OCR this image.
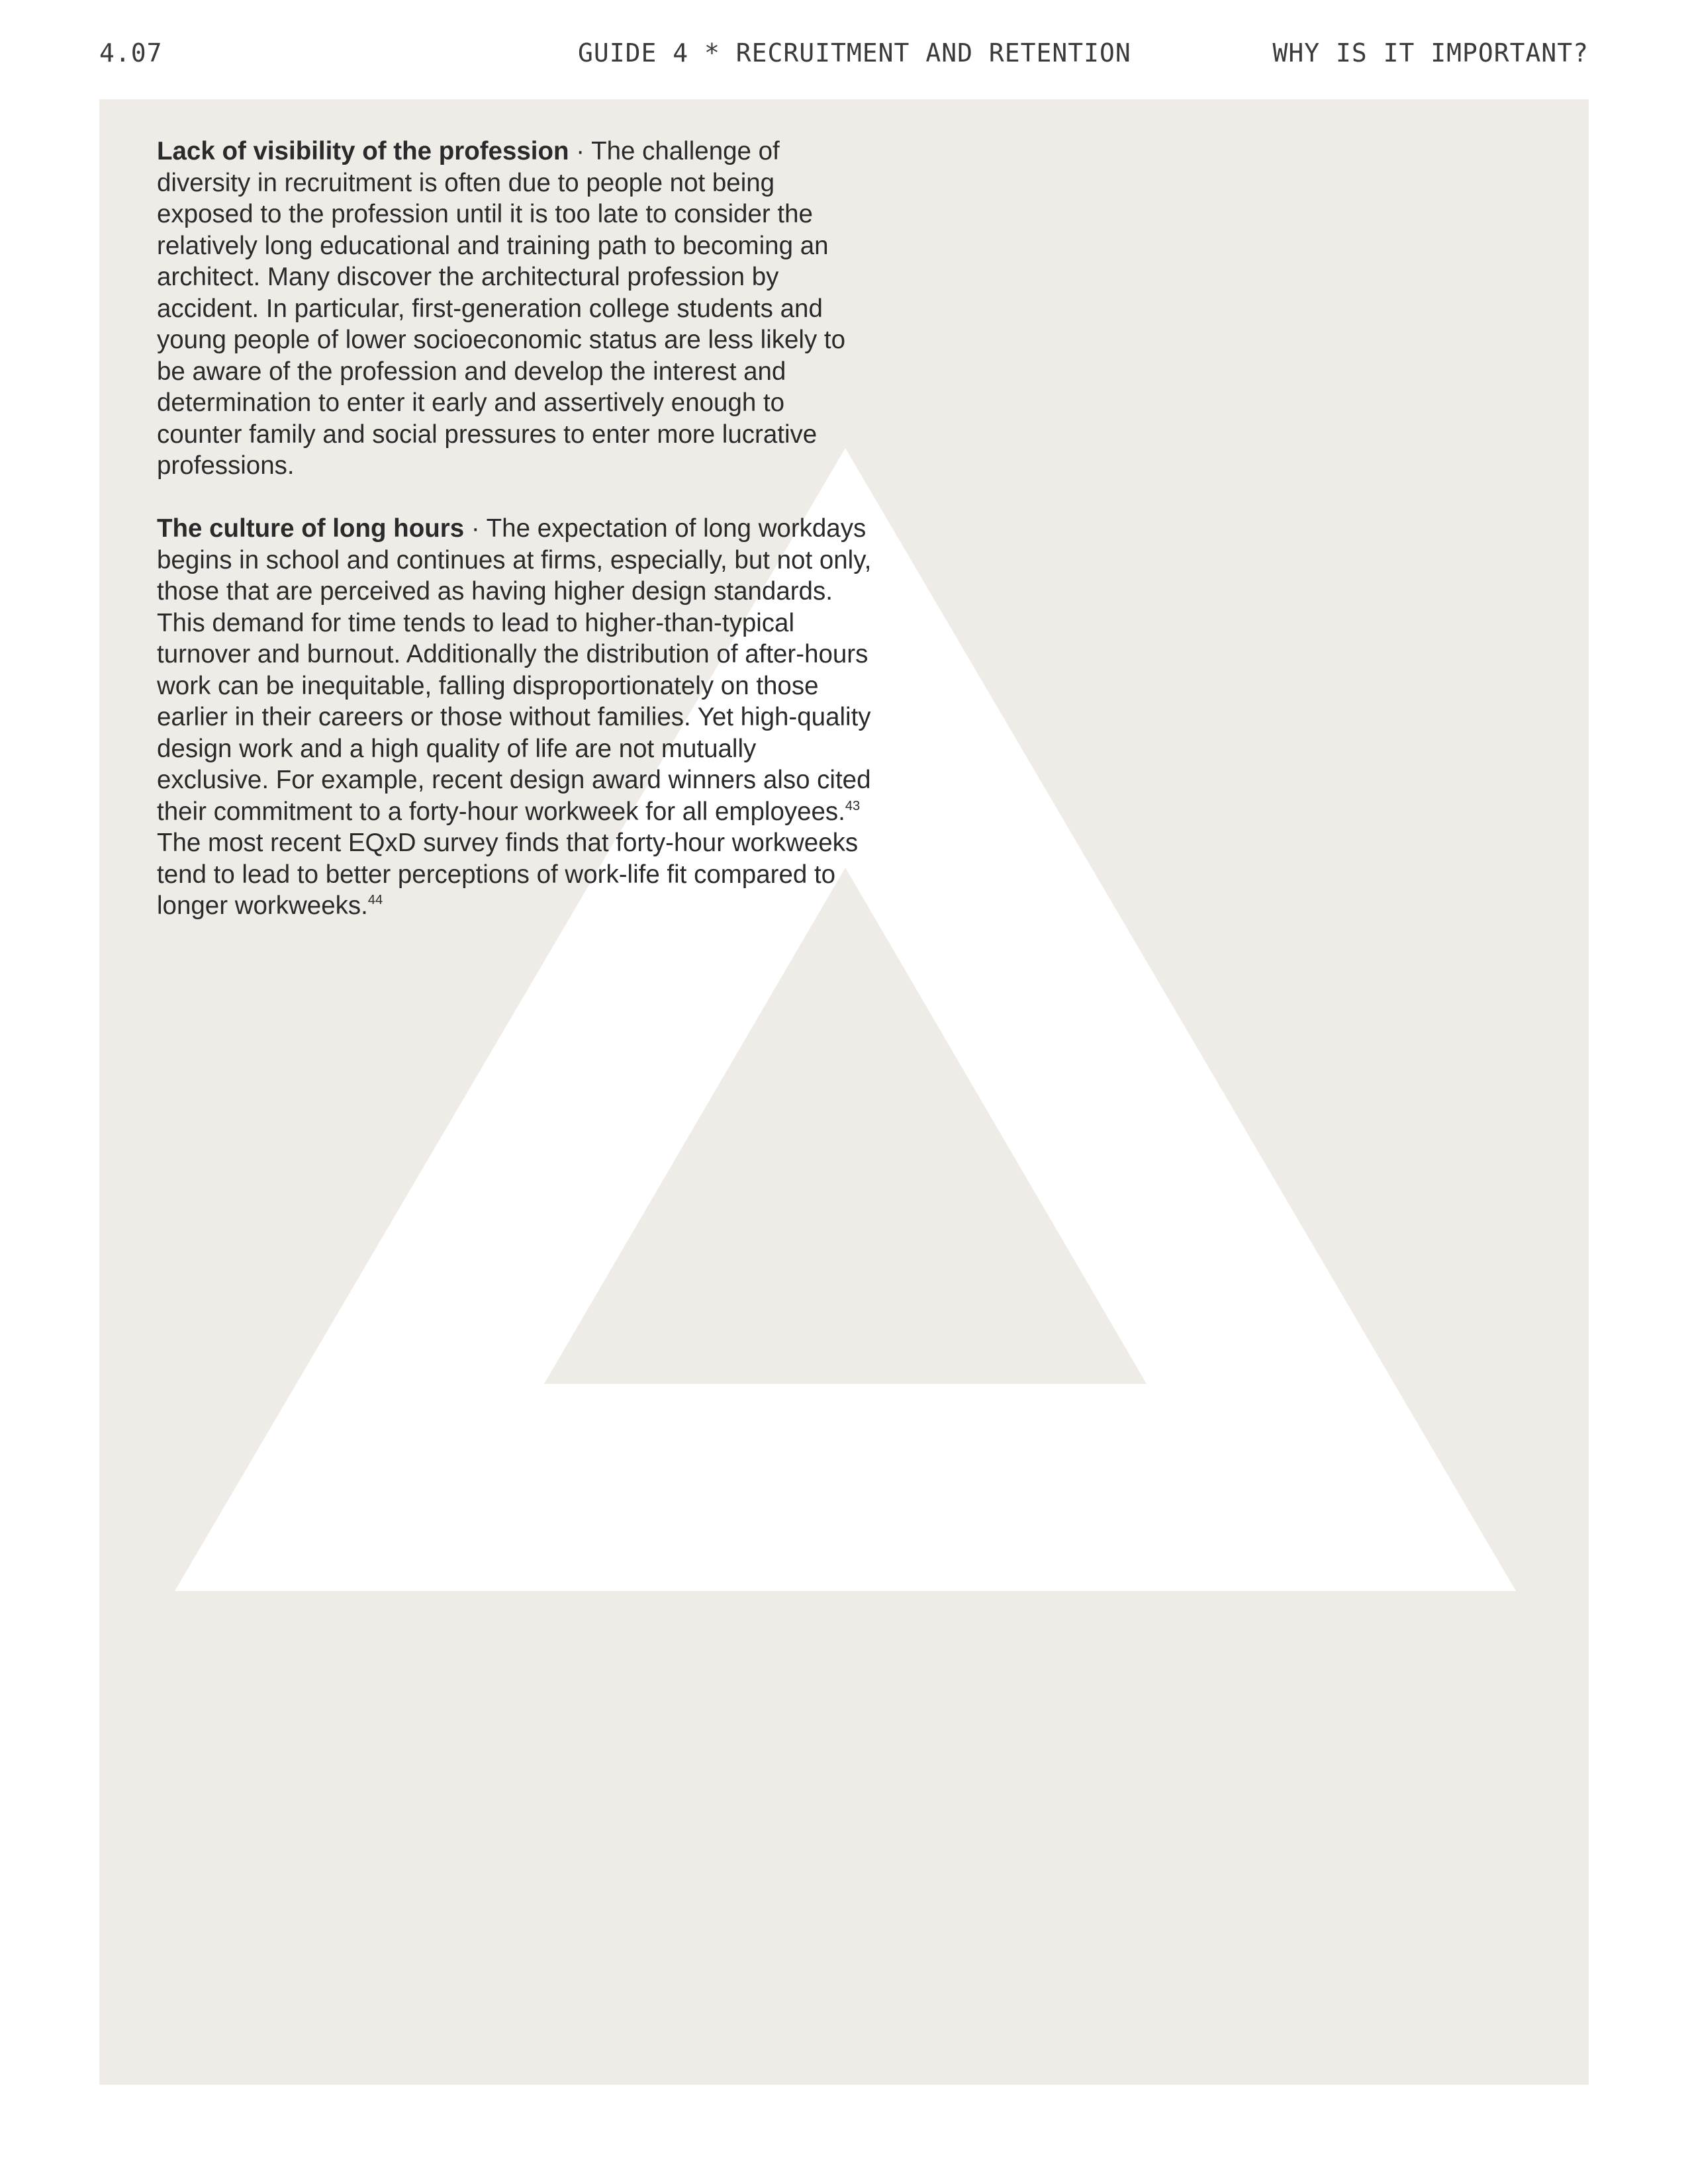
4.07	GUIDE 4 * RECRUITMENT AND RETENTION	WHY IS IT IMPORTANT?

Lack of visibility of the profession · The challenge of diversity in recruitment is often due to people not being exposed to the profession until it is too late to consider the relatively long educational and training path to becoming an architect. Many discover the architectural profession by accident. In particular, first-generation college students and young people of lower socioeconomic status are less likely to be aware of the profession and develop the interest and determination to enter it early and assertively enough to counter family and social pressures to enter more lucrative professions.

The culture of long hours · The expectation of long workdays begins in school and continues at firms, especially, but not only, those that are perceived as having higher design standards. This demand for time tends to lead to higher-than-typical turnover and burnout. Additionally the distribution of after-hours work can be inequitable, falling disproportionately on those earlier in their careers or those without families. Yet high-quality design work and a high quality of life are not mutually exclusive. For example, recent design award winners also cited their commitment to a forty-hour workweek for all employees.$^{43}$ The most recent EQxD survey finds that forty-hour workweeks tend to lead to better perceptions of work-life fit compared to longer workweeks.$^{44}$
